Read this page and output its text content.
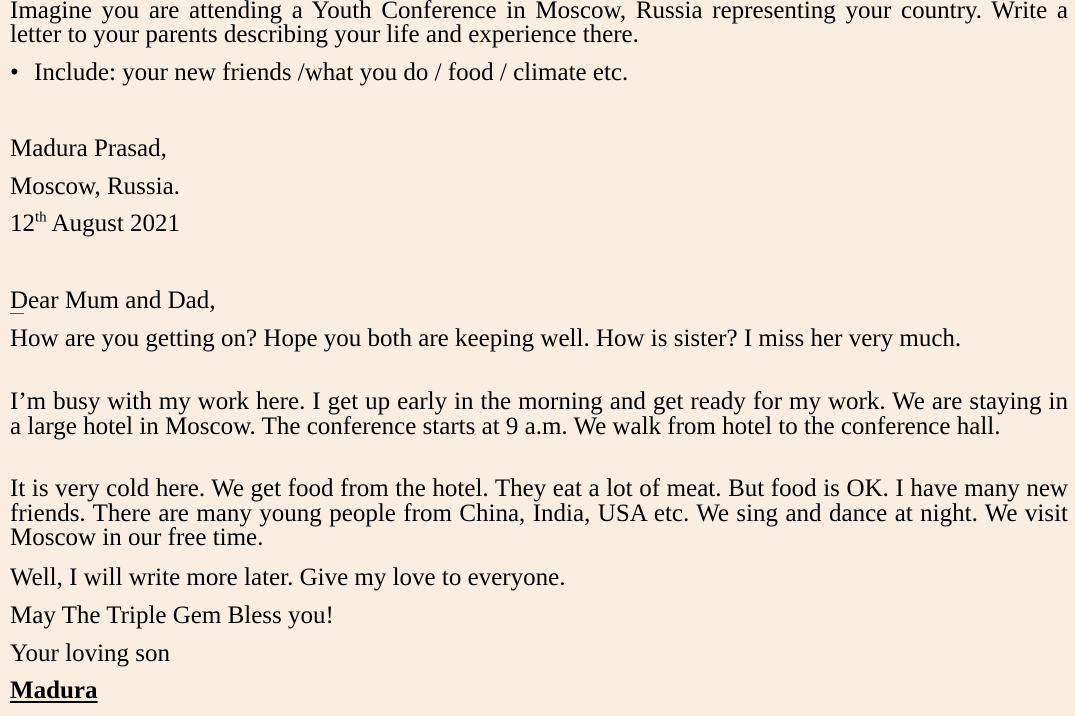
Imagine you are attending a Youth Conference in Moscow, Russia representing your country. Write a letter to your parents describing your life and experience there.
• Include: your new friends /what you do / food / climate etc.
Madura Prasad,
Moscow, Russia.
12th August 2021
Dear Mum and Dad,
How are you getting on? Hope you both are keeping well. How is sister? I miss her very much.
I’m busy with my work here. I get up early in the morning and get ready for my work. We are staying in a large hotel in Moscow. The conference starts at 9 a.m. We walk from hotel to the conference hall.
It is very cold here. We get food from the hotel. They eat a lot of meat. But food is OK. I have many new friends. There are many young people from China, India, USA etc. We sing and dance at night. We visit Moscow in our free time.
Well, I will write more later. Give my love to everyone.
May The Triple Gem Bless you!
Your loving son
Madura
